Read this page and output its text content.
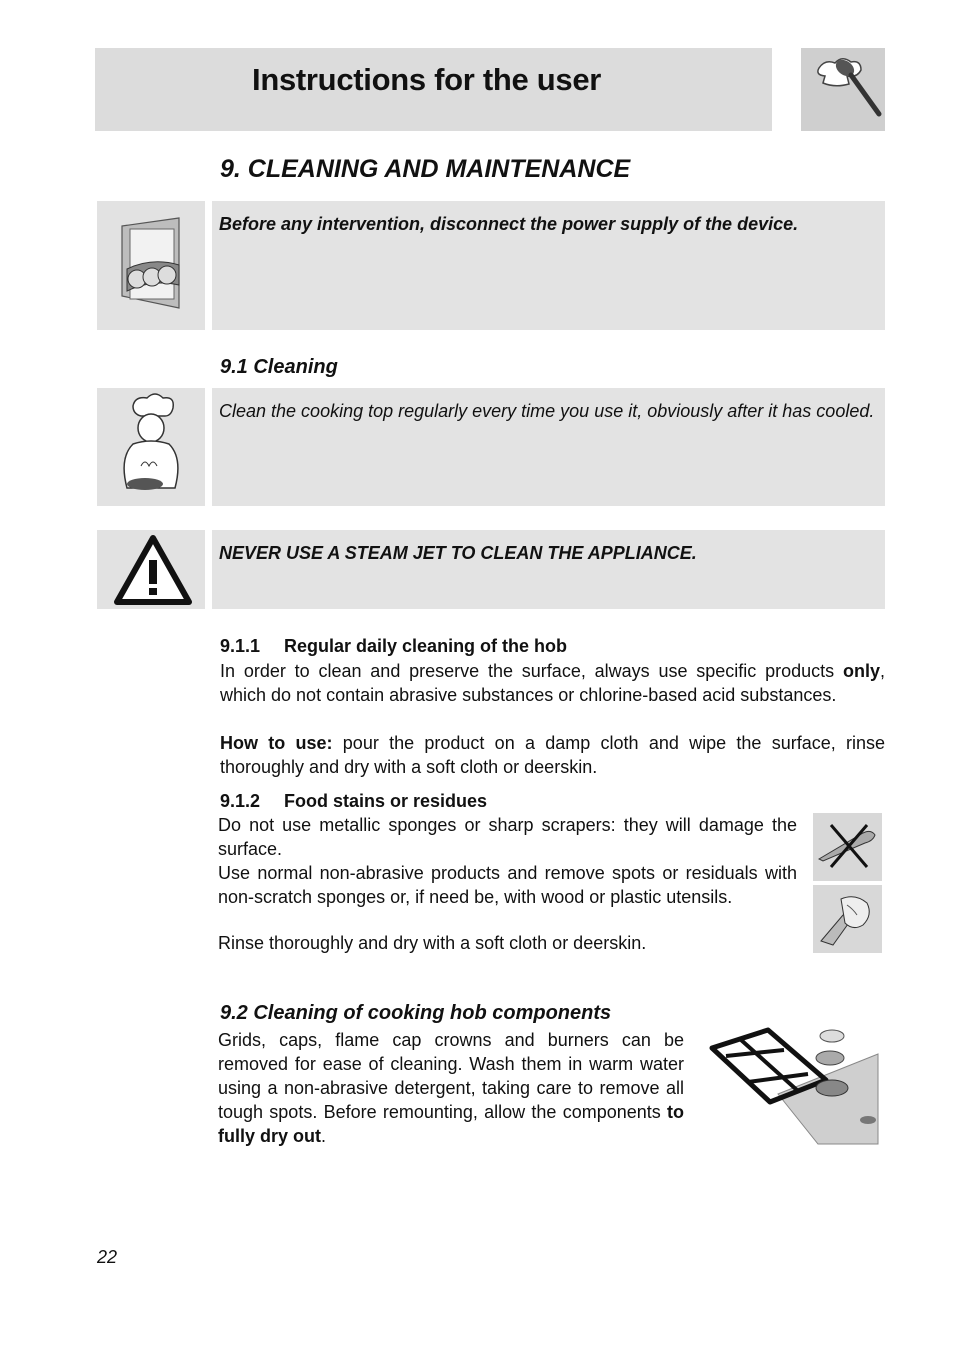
Instructions for the user
9. CLEANING AND MAINTENANCE
Before any intervention, disconnect the power supply of the device.
9.1 Cleaning
Clean the cooking top regularly every time you use it, obviously after it has cooled.
NEVER USE A STEAM JET TO CLEAN THE APPLIANCE.
9.1.1 Regular daily cleaning of the hob
In order to clean and preserve the surface, always use specific products only, which do not contain abrasive substances or chlorine-based acid substances.
How to use: pour the product on a damp cloth and wipe the surface, rinse thoroughly and dry with a soft cloth or deerskin.
9.1.2 Food stains or residues
Do not use metallic sponges or sharp scrapers: they will damage the surface.
Use normal non-abrasive products and remove spots or residuals with non-scratch sponges or, if need be, with wood or plastic utensils.
Rinse thoroughly and dry with a soft cloth or deerskin.
9.2 Cleaning of cooking hob components
Grids, caps, flame cap crowns and burners can be removed for ease of cleaning. Wash them in warm water using a non-abrasive detergent, taking care to remove all tough spots. Before remounting, allow the components to fully dry out.
22
